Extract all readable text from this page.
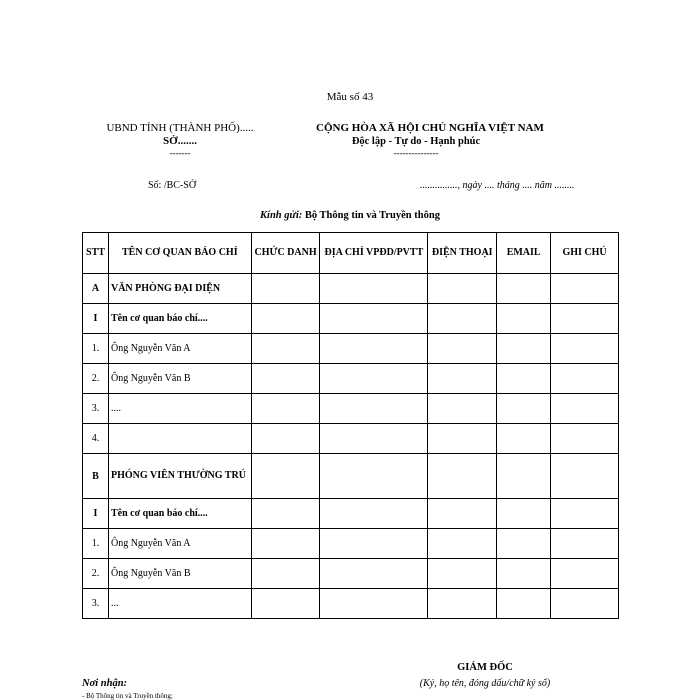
Mẫu số 43
UBND TỈNH (THÀNH PHỐ).....
SỞ.......
-------
CỘNG HÒA XÃ HỘI CHỦ NGHĨA VIỆT NAM
Độc lập - Tự do - Hạnh phúc
---------------
Số: /BC-SỞ	..............., ngày .... tháng .... năm ........
Kính gửi: Bộ Thông tin và Truyền thông
STT	TÊN CƠ QUAN BÁO CHÍ	CHỨC DANH	ĐỊA CHỈ VPĐD/PVTT	ĐIỆN THOẠI	EMAIL	GHI CHÚ
A	VĂN PHÒNG ĐẠI DIỆN					
I	Tên cơ quan báo chí....					
1.	Ông Nguyễn Văn A					
2.	Ông Nguyễn Văn B					
3.	....					
4.						
B	PHÓNG VIÊN THƯỜNG TRÚ					
I	Tên cơ quan báo chí....					
1.	Ông Nguyễn Văn A					
2.	Ông Nguyễn Văn B					
3.	...					
GIÁM ĐỐC
(Ký, họ tên, đóng dấu/chữ ký số)
Nơi nhận:
- Bộ Thông tin và Truyền thông;
